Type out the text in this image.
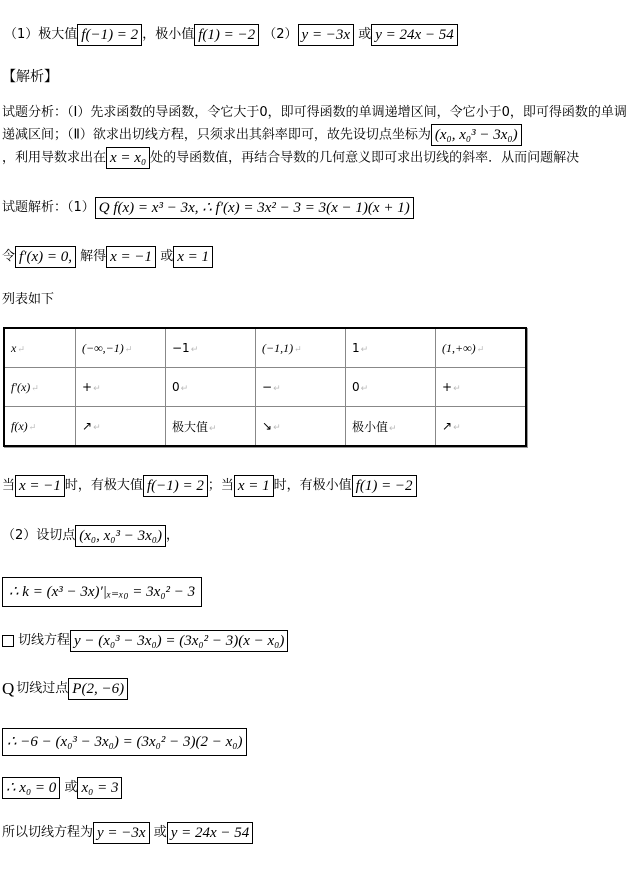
（1）极大值 f(−1) = 2 ，极小值 f(1) = −2 （2） y = −3x 或 y = 24x − 54
【解析】
试题分析：（Ⅰ）先求函数的导函数，令它大于0，即可得函数的单调递增区间，令它小于0，即可得函数的单调递减区间；（Ⅱ）欲求出切线方程，只须求出其斜率即可，故先设切点坐标为 (x₀, x₀³ − 3x₀)
，利用导数求出在 x = x₀ 处的导函数值，再结合导数的几何意义即可求出切线的斜率．从而问题解决
试题解析：（1） Q f(x) = x³ − 3x, ∴ f′(x) = 3x² − 3 = 3(x − 1)(x + 1)
令 f′(x) = 0, 解得 x = −1 或 x = 1
列表如下
x↵	(−∞,−1)↵	−1↵	(−1,1)↵	1↵	(1,+∞)↵
f′(x)↵	+↵	0↵	−↵	0↵	+↵
f(x)↵	↗↵	极大值↵	↘↵	极小值↵	↗↵
当 x = −1 时，有极大值 f(−1) = 2 ；当 x = 1 时，有极小值 f(1) = −2
（2）设切点 (x₀, x₀³ − 3x₀) ，
∴ k = (x³ − 3x)′|ₓ₌ₓ₀ = 3x₀² − 3
切线方程 y − (x₀³ − 3x₀) = (3x₀² − 3)(x − x₀)
Q 切线过点 P(2, −6)
∴ −6 − (x₀³ − 3x₀) = (3x₀² − 3)(2 − x₀)
∴ x₀ = 0 或 x₀ = 3
所以切线方程为 y = −3x 或 y = 24x − 54
